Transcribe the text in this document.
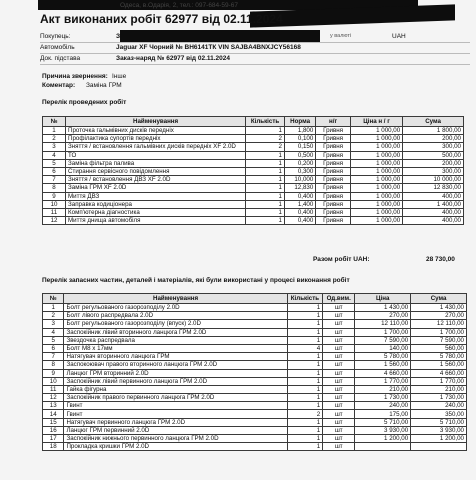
Одеса, в.Одарія, 2, тел.: 097-684-59-67
Акт виконаних робіт 62977 від 02.11.2024
Покупець:	З	у валюті	UAH
Автомобіль	Jaguar XF Чорний № ВН6141ТК VIN SAJBA4BNXJCY56168
Док. підстава	Заказ-наряд № 62977 від 02.11.2024
Причина звернення: Інше
Коментар: Заміна ГРМ
Перелік проведених робіт
№	Найменування	Кількість	Норма	н/г	Ціна н / г	Сума
1	Проточка гальмівних дисків передніх	1	1,800	Гривня	1 000,00	1 800,00
2	Профілактика супортів передніх	2	0,100	Гривня	1 000,00	200,00
3	Зняття / встановлення гальмівних дисків передніх XF 2.0D	2	0,150	Гривня	1 000,00	300,00
4	ТО	1	0,500	Гривня	1 000,00	500,00
5	Заміна фільтра палива	1	0,200	Гривня	1 000,00	200,00
6	Стирання сервісного повідомлення	1	0,300	Гривня	1 000,00	300,00
7	Зняття / встановлення ДВЗ XF 2.0D	1	10,000	Гривня	1 000,00	10 000,00
8	Заміна ГРМ XF 2.0D	1	12,830	Гривня	1 000,00	12 830,00
9	Миття ДВЗ	1	0,400	Гривня	1 000,00	400,00
10	Заправка кодиціонера	1	1,400	Гривня	1 000,00	1 400,00
11	Комп'ютерна діагностика	1	0,400	Гривня	1 000,00	400,00
12	Миття днища автомобіля	1	0,400	Гривня	1 000,00	400,00
Разом робіт UAH:	28 730,00
Перелік запасних частин, деталей і матеріалів, які були використані у процесі виконання робіт
№	Найменування	Кількість	Од.вим.	Ціна	Сума
1	Болт регульованого газорозподілу 2.0D	1	шт	1 430,00	1 430,00
2	Болт лівого распредвала 2.0D	1	шт	270,00	270,00
3	Болт регульованого газорозподілу (впуск) 2.0D	1	шт	12 110,00	12 110,00
4	Заспокійник лівий вторинного ланцюга ГРМ 2.0D	1	шт	1 700,00	1 700,00
5	Звездочка распредвала	1	шт	7 590,00	7 590,00
6	Болт М8 x 17мм	4	шт	140,00	560,00
7	Натягувач вторинного ланцюга ГРМ	1	шт	5 780,00	5 780,00
8	Заспокоювач правого вторинного ланцюга ГРМ 2.0D	1	шт	1 560,00	1 560,00
9	Ланцюг ГРМ вторинний 2.0D	1	шт	4 660,00	4 660,00
10	Заспокійник лівий первинного ланцюга ГРМ 2.0D	1	шт	1 770,00	1 770,00
11	Гайка фігурна	1	шт	210,00	210,00
12	Заспокійник правого первинного ланцюга ГРМ 2.0D	1	шт	1 730,00	1 730,00
13	Гвинт	1	шт	240,00	240,00
14	Гвинт	2	шт	175,00	350,00
15	Натягувач первинного ланцюга ГРМ 2.0D	1	шт	5 710,00	5 710,00
16	Ланцюг ГРМ первинний 2.0D	1	шт	3 930,00	3 930,00
17	Заспокійник нижнього первинного ланцюга ГРМ 2.0D	1	шт	1 200,00	1 200,00
18	Прокладка кришки ГРМ 2.0D	1	шт		
